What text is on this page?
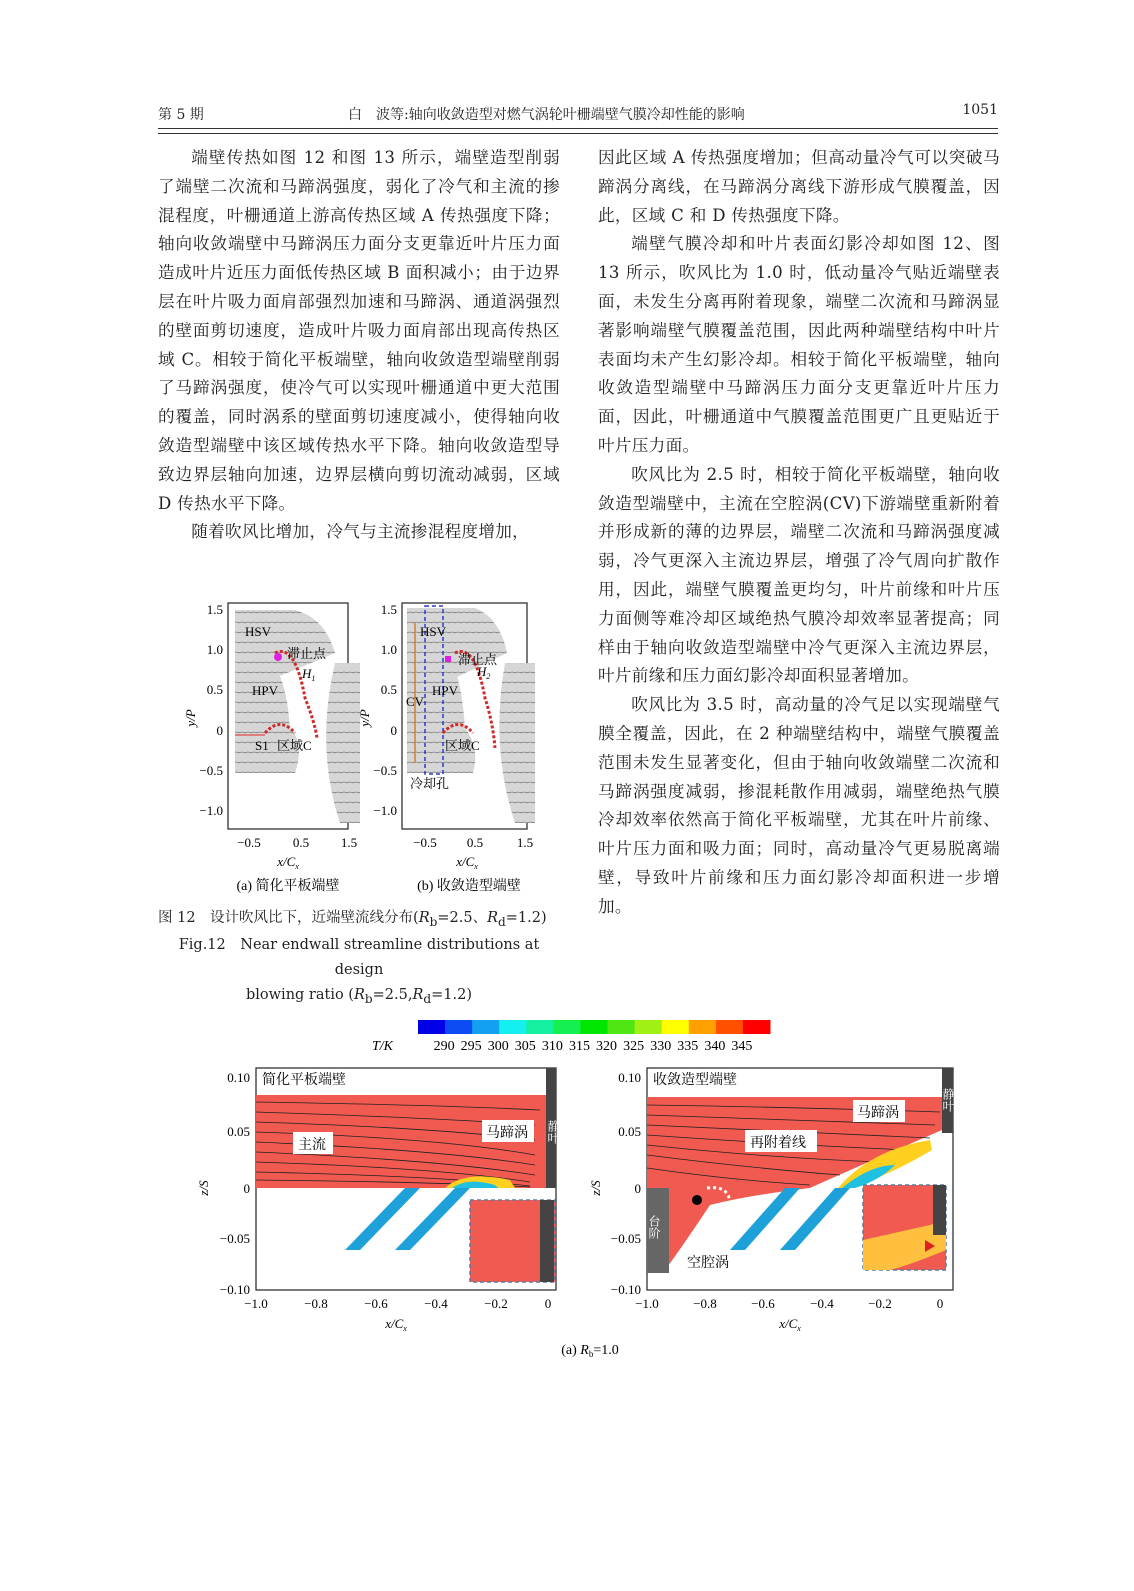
第 5 期	白　波等:轴向收敛造型对燃气涡轮叶栅端壁气膜冷却性能的影响	1051

端壁传热如图 12 和图 13 所示，端壁造型削弱了端壁二次流和马蹄涡强度，弱化了冷气和主流的掺混程度，叶栅通道上游高传热区域 A 传热强度下降；轴向收敛端壁中马蹄涡压力面分支更靠近叶片压力面造成叶片近压力面低传热区域 B 面积减小；由于边界层在叶片吸力面肩部强烈加速和马蹄涡、通道涡强烈的壁面剪切速度，造成叶片吸力面肩部出现高传热区域 C。相较于简化平板端壁，轴向收敛造型端壁削弱了马蹄涡强度，使冷气可以实现叶栅通道中更大范围的覆盖，同时涡系的壁面剪切速度减小，使得轴向收敛造型端壁中该区域传热水平下降。轴向收敛造型导致边界层轴向加速，边界层横向剪切流动减弱，区域 D 传热水平下降。

随着吹风比增加，冷气与主流掺混程度增加，

因此区域 A 传热强度增加；但高动量冷气可以突破马蹄涡分离线，在马蹄涡分离线下游形成气膜覆盖，因此，区域 C 和 D 传热强度下降。

端壁气膜冷却和叶片表面幻影冷却如图 12、图 13 所示，吹风比为 1.0 时，低动量冷气贴近端壁表面，未发生分离再附着现象，端壁二次流和马蹄涡显著影响端壁气膜覆盖范围，因此两种端壁结构中叶片表面均未产生幻影冷却。相较于简化平板端壁，轴向收敛造型端壁中马蹄涡压力面分支更靠近叶片压力面，因此，叶栅通道中气膜覆盖范围更广且更贴近于叶片压力面。

吹风比为 2.5 时，相较于简化平板端壁，轴向收敛造型端壁中，主流在空腔涡(CV)下游端壁重新附着并形成新的薄的边界层，端壁二次流和马蹄涡强度减弱，冷气更深入主流边界层，增强了冷气周向扩散作用，因此，端壁气膜覆盖更均匀，叶片前缘和叶片压力面侧等难冷却区域绝热气膜冷却效率显著提高；同样由于轴向收敛造型端壁中冷气更深入主流边界层，叶片前缘和压力面幻影冷却面积显著增加。

吹风比为 3.5 时，高动量的冷气足以实现端壁气膜全覆盖，因此，在 2 种端壁结构中，端壁气膜覆盖范围未发生显著变化，但由于轴向收敛端壁二次流和马蹄涡强度减弱，掺混耗散作用减弱，端壁绝热气膜冷却效率依然高于简化平板端壁，尤其在叶片前缘、叶片压力面和吸力面；同时，高动量冷气更易脱离端壁，导致叶片前缘和压力面幻影冷却面积进一步增加。

HSV
滞止点
$H_1$
HPV
S1 区域C
1.5
1.0
0.5
0
−0.5
−1.0
−0.5 0.5 1.5
y/P
$x/C_x$
(a) 简化平板端壁
HSV
滞止点
$H_2$
HPV
CV
区域C
冷却孔
1.5
1.0
0.5
0
−0.5
−1.0
−0.5 0.5	1.5
y/P
$x/C_x$
(b) 收敛造型端壁
图 12　设计吹风比下，近端壁流线分布($R_b=2.5$、$R_d=1.2$)
Fig.12　Near endwall streamline distributions at design
blowing ratio $(R_b=2.5,R_d=1.2)$
T/K	290 295 300 305 310 315 320 325 330 335 340 345
静叶
简化平板端壁
主流
马蹄涡
0.10
0.05
0
−0.05
−0.10
−1.0	−0.8	−0.6	−0.4	−0.2	0
z/S
$x/C_x$
台阶
静叶
收敛造型端壁
再附着线
马蹄涡
空腔涡
0.10
0.05
0
−0.05
−0.10
−1.0	−0.8	−0.6	−0.4	−0.2	0
z/S
$x/C_x$
(a) $R_b=1.0$
